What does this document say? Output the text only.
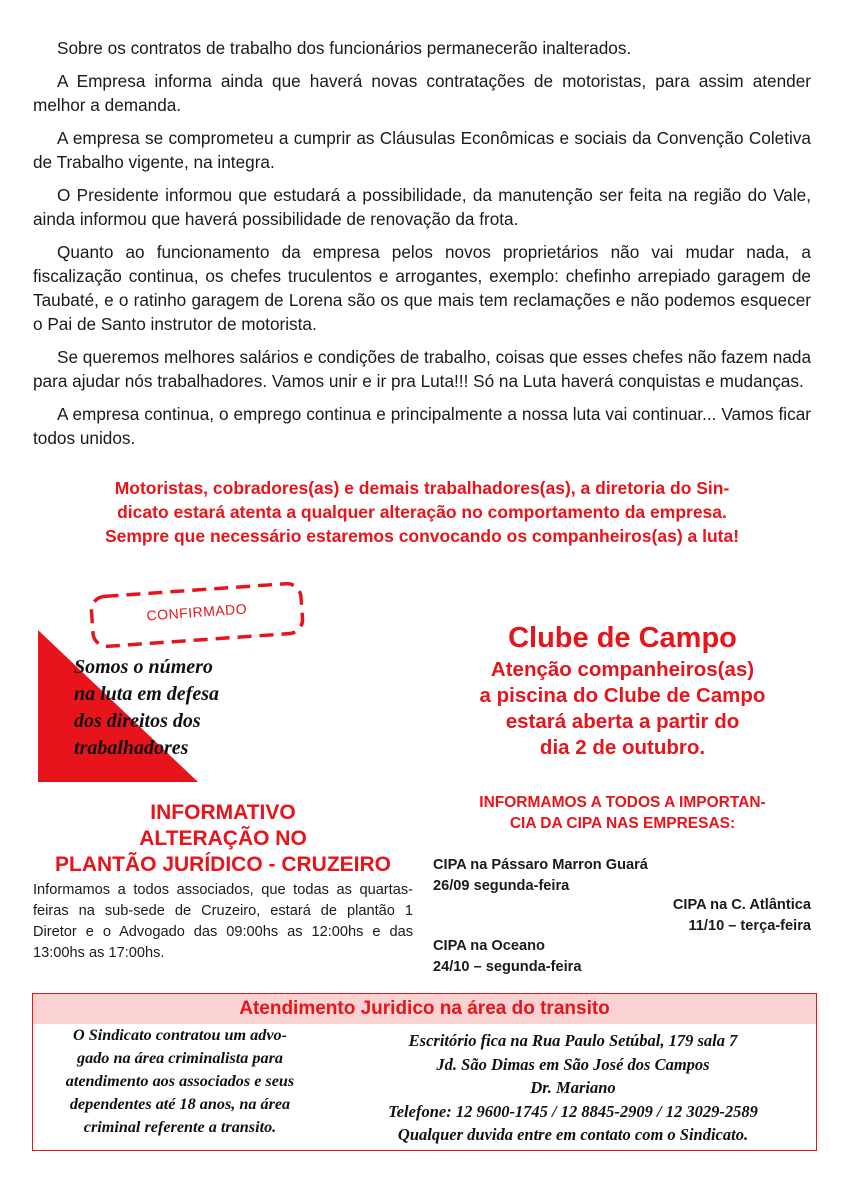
Sobre os contratos de trabalho dos funcionários permanecerão inalterados.

A Empresa informa ainda que haverá novas contratações de motoristas, para assim atender melhor a demanda.

A empresa se comprometeu a cumprir as Cláusulas Econômicas e sociais da Convenção Coletiva de Trabalho vigente, na integra.

O Presidente informou que estudará a possibilidade, da manutenção ser feita na região do Vale, ainda informou que haverá possibilidade de renovação da frota.

Quanto ao funcionamento da empresa pelos novos proprietários não vai mudar nada, a fiscalização continua, os chefes truculentos e arrogantes, exemplo: chefinho arrepiado garagem de Taubaté, e o ratinho garagem de Lorena são os que mais tem reclamações e não podemos esquecer o Pai de Santo instrutor de motorista.

Se queremos melhores salários e condições de trabalho, coisas que esses chefes não fazem nada para ajudar nós trabalhadores. Vamos unir e ir pra Luta!!! Só na Luta haverá conquistas e mudanças.

A empresa continua, o emprego continua e principalmente a nossa luta vai continuar... Vamos ficar todos unidos.

Motoristas, cobradores(as) e demais trabalhadores(as), a diretoria do Sin-
dicato estará atenta a qualquer alteração no comportamento da empresa.
Sempre que necessário estaremos convocando os companheiros(as) a luta!
CONFIRMADO
Somos o número
na luta em defesa
dos direitos dos
trabalhadores
INFORMATIVO
ALTERAÇÃO NO
PLANTÃO JURÍDICO - CRUZEIRO
Informamos a todos associados, que todas as quartas-feiras na sub-sede de Cruzeiro, estará de plantão 1 Diretor e o Advogado das 09:00hs as 12:00hs e das 13:00hs as 17:00hs.
Clube de Campo
Atenção companheiros(as)
a piscina do Clube de Campo
estará aberta a partir do
dia 2 de outubro.
INFORMAMOS A TODOS A IMPORTAN-
CIA DA CIPA NAS EMPRESAS:
CIPA na Pássaro Marron Guará
26/09 segunda-feira
CIPA na C. Atlântica
11/10 – terça-feira
CIPA na Oceano
24/10 – segunda-feira
Atendimento Juridico na área do transito
O Sindicato contratou um advo-
gado na área criminalista para
atendimento aos associados e seus
dependentes até 18 anos, na área
criminal referente a transito.
Escritório fica na Rua Paulo Setúbal, 179 sala 7
Jd. São Dimas em São José dos Campos
Dr. Mariano
Telefone: 12 9600-1745 / 12 8845-2909 / 12 3029-2589
Qualquer duvida entre em contato com o Sindicato.
